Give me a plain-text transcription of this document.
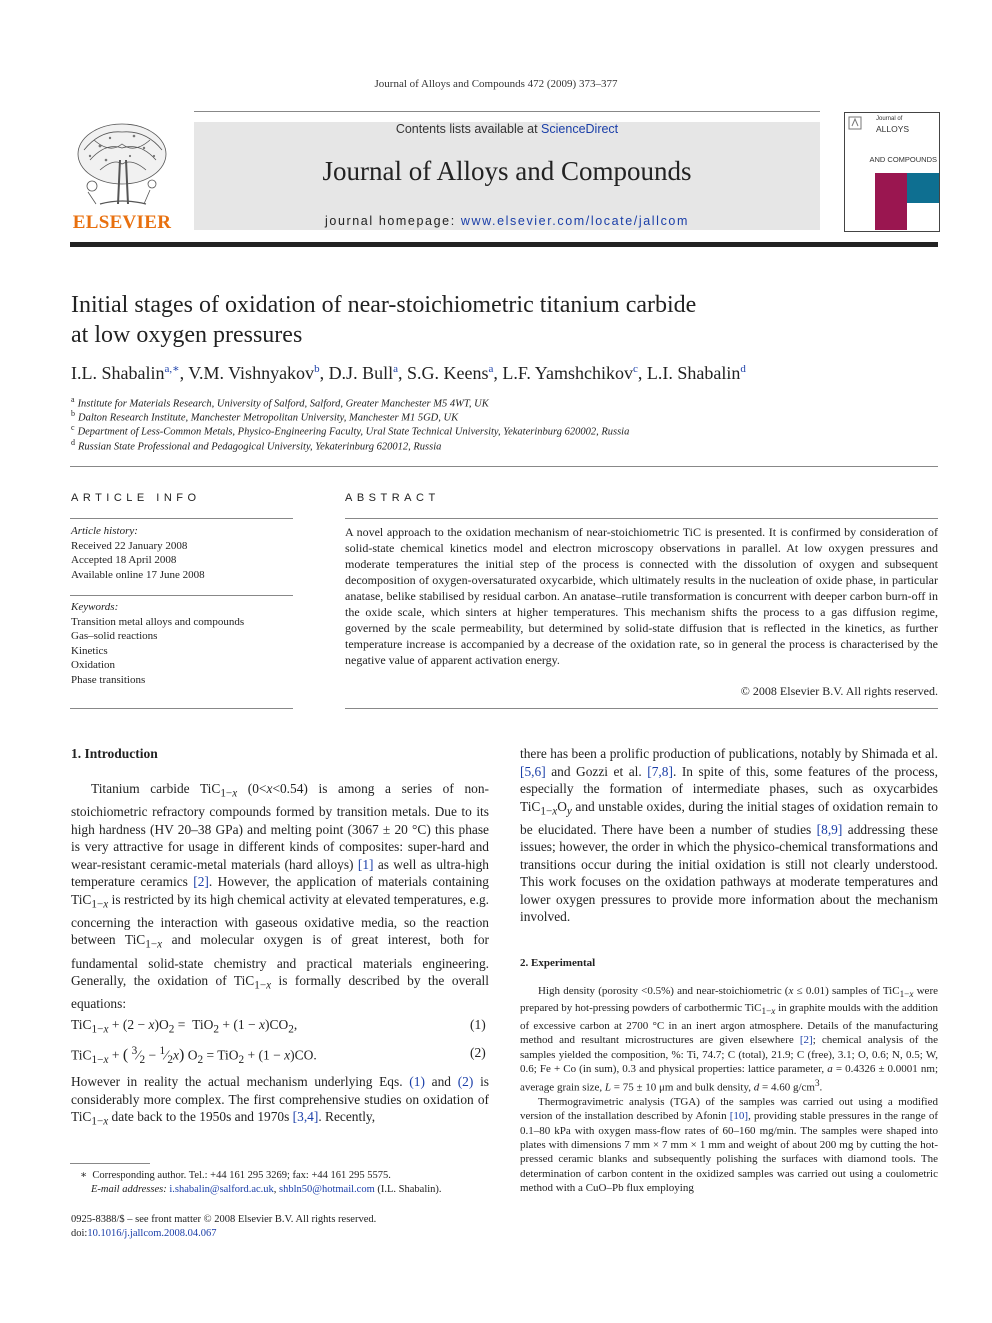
Journal of Alloys and Compounds 472 (2009) 373–377
ELSEVIER
Contents lists available at ScienceDirect
Journal of Alloys and Compounds
journal homepage: www.elsevier.com/locate/jallcom
Journal of
ALLOYS
AND COMPOUNDS
Initial stages of oxidation of near-stoichiometric titanium carbide
at low oxygen pressures
I.L. Shabalin$^{a,∗}$, V.M. Vishnyakov$^b$, D.J. Bull$^a$, S.G. Keens$^a$, L.F. Yamshchikov$^c$, L.I. Shabalin$^d$
$^a$ Institute for Materials Research, University of Salford, Salford, Greater Manchester M5 4WT, UK
$^b$ Dalton Research Institute, Manchester Metropolitan University, Manchester M1 5GD, UK
$^c$ Department of Less-Common Metals, Physico-Engineering Faculty, Ural State Technical University, Yekaterinburg 620002, Russia
$^d$ Russian State Professional and Pedagogical University, Yekaterinburg 620012, Russia
ARTICLE INFO
Article history:
Received 22 January 2008
Accepted 18 April 2008
Available online 17 June 2008
Keywords:
Transition metal alloys and compounds
Gas–solid reactions
Kinetics
Oxidation
Phase transitions
ABSTRACT
A novel approach to the oxidation mechanism of near-stoichiometric TiC is presented. It is confirmed by consideration of solid-state chemical kinetics model and electron microscopy observations in parallel. At low oxygen pressures and moderate temperatures the initial step of the process is connected with the dissolution of oxygen and subsequent decomposition of oxygen-oversaturated oxycarbide, which ultimately results in the nucleation of oxide phase, in particular anatase, belike stabilised by residual carbon. An anatase–rutile transformation is concurrent with deeper carbon burn-off in the oxide scale, which sinters at higher temperatures. This mechanism shifts the process to a gas diffusion regime, governed by the scale permeability, but determined by solid-state diffusion that is reflected in the kinetics, as further temperature increase is accompanied by a decrease of the oxidation rate, so in general the process is characterised by the negative value of apparent activation energy.
© 2008 Elsevier B.V. All rights reserved.
1. Introduction

Titanium carbide TiC$_{1-x}$ (0<x<0.54) is among a series of non-stoichiometric refractory compounds formed by transition metals. Due to its high hardness (HV 20–38 GPa) and melting point (3067 ± 20 °C) this phase is very attractive for usage in different kinds of composites: super-hard and wear-resistant ceramic-metal materials (hard alloys) [1] as well as ultra-high temperature ceramics [2]. However, the application of materials containing TiC$_{1-x}$ is restricted by its high chemical activity at elevated temperatures, e.g. concerning the interaction with gaseous oxidative media, so the reaction between TiC$_{1-x}$ and molecular oxygen is of great interest, both for fundamental solid-state chemistry and practical materials engineering. Generally, the oxidation of TiC$_{1-x}$ is formally described by the overall equations:

$TiC_{1-x} + (2 - x)O_2 = TiO_2 + (1 - x)CO_2$,	(1)
TiC$_{1-x}$ + ( $^3⁄_2$ − $^1⁄_2x$) $O_2 = TiO_2 + (1 - x)CO$.	(2)

However in reality the actual mechanism underlying Eqs. (1) and (2) is considerably more complex. The first comprehensive studies on oxidation of TiC$_{1-x}$ date back to the 1950s and 1970s [3,4]. Recently,

∗  Corresponding author. Tel.: +44 161 295 3269; fax: +44 161 295 5575.
E-mail addresses: i.shabalin@salford.ac.uk, shbln50@hotmail.com (I.L. Shabalin).
0925-8388/$ – see front matter © 2008 Elsevier B.V. All rights reserved.
doi:10.1016/j.jallcom.2008.04.067

there has been a prolific production of publications, notably by Shimada et al. [5,6] and Gozzi et al. [7,8]. In spite of this, some features of the process, especially the formation of intermediate phases, such as oxycarbides $TiC_{1-x}O_y$ and unstable oxides, during the initial stages of oxidation remain to be elucidated. There have been a number of studies [8,9] addressing these issues; however, the order in which the physico-chemical transformations and transitions occur during the initial oxidation is still not clearly understood. This work focuses on the oxidation pathways at moderate temperatures and lower oxygen pressures to provide more information about the mechanism involved.

2. Experimental

High density (porosity <0.5%) and near-stoichiometric (x ≤ 0.01) samples of TiC$_{1-x}$ were prepared by hot-pressing powders of carbothermic TiC$_{1-x}$ in graphite moulds with the addition of excessive carbon at 2700 °C in an inert argon atmosphere. Details of the manufacturing method and resultant microstructures are given elsewhere [2]; chemical analysis of the samples yielded the composition, %: Ti, 74.7; C (total), 21.9; C (free), 3.1; O, 0.6; N, 0.5; W, 0.6; Fe + Co (in sum), 0.3 and physical properties: lattice parameter, a = 0.4326 ± 0.0001 nm; average grain size, L = 75 ± 10 μm and bulk density, d = 4.60 $g/cm^3$.

Thermogravimetric analysis (TGA) of the samples was carried out using a modified version of the installation described by Afonin [10], providing stable pressures in the range of 0.1–80 kPa with oxygen mass-flow rates of 60–160 mg/min. The samples were shaped into plates with dimensions 7 mm × 7 mm × 1 mm and weight of about 200 mg by cutting the hot-pressed ceramic blanks and subsequently polishing the surfaces with diamond tools. The determination of carbon content in the oxidized samples was carried out using a coulometric method with a CuO–Pb flux employing
